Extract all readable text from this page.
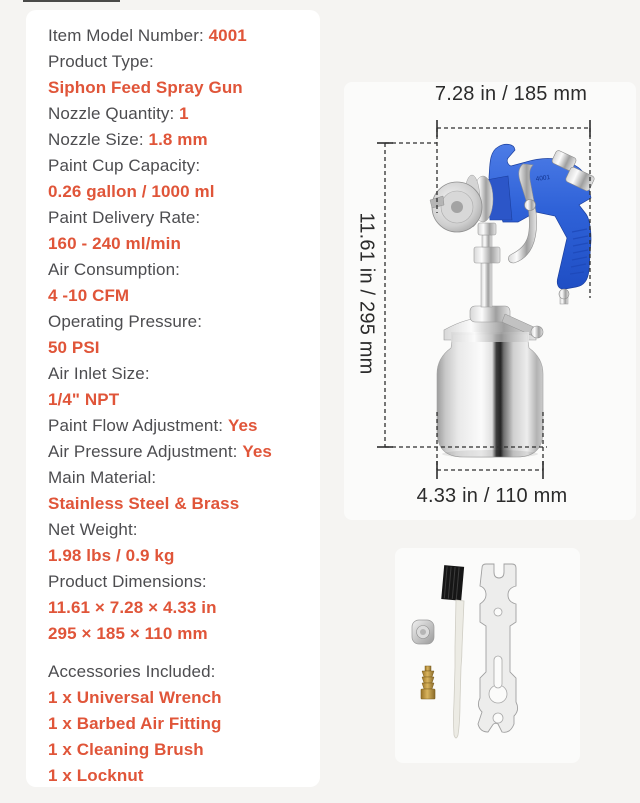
Item Model Number: 4001
Product Type:
Siphon Feed Spray Gun
Nozzle Quantity: 1
Nozzle Size: 1.8 mm
Paint Cup Capacity:
0.26 gallon / 1000 ml
Paint Delivery Rate:
160 - 240 ml/min
Air Consumption:
4 -10 CFM
Operating Pressure:
50 PSI
Air Inlet Size:
1/4" NPT
Paint Flow Adjustment: Yes
Air Pressure Adjustment: Yes
Main Material:
Stainless Steel & Brass
Net Weight:
1.98 lbs / 0.9 kg
Product Dimensions:
11.61 × 7.28 × 4.33 in
295 × 185 × 110 mm
Accessories Included:
1 x Universal Wrench
1 x Barbed Air Fitting
1 x Cleaning Brush
1 x Locknut
4001
7.28 in / 185 mm
11.61 in / 295 mm
4.33 in / 110 mm
